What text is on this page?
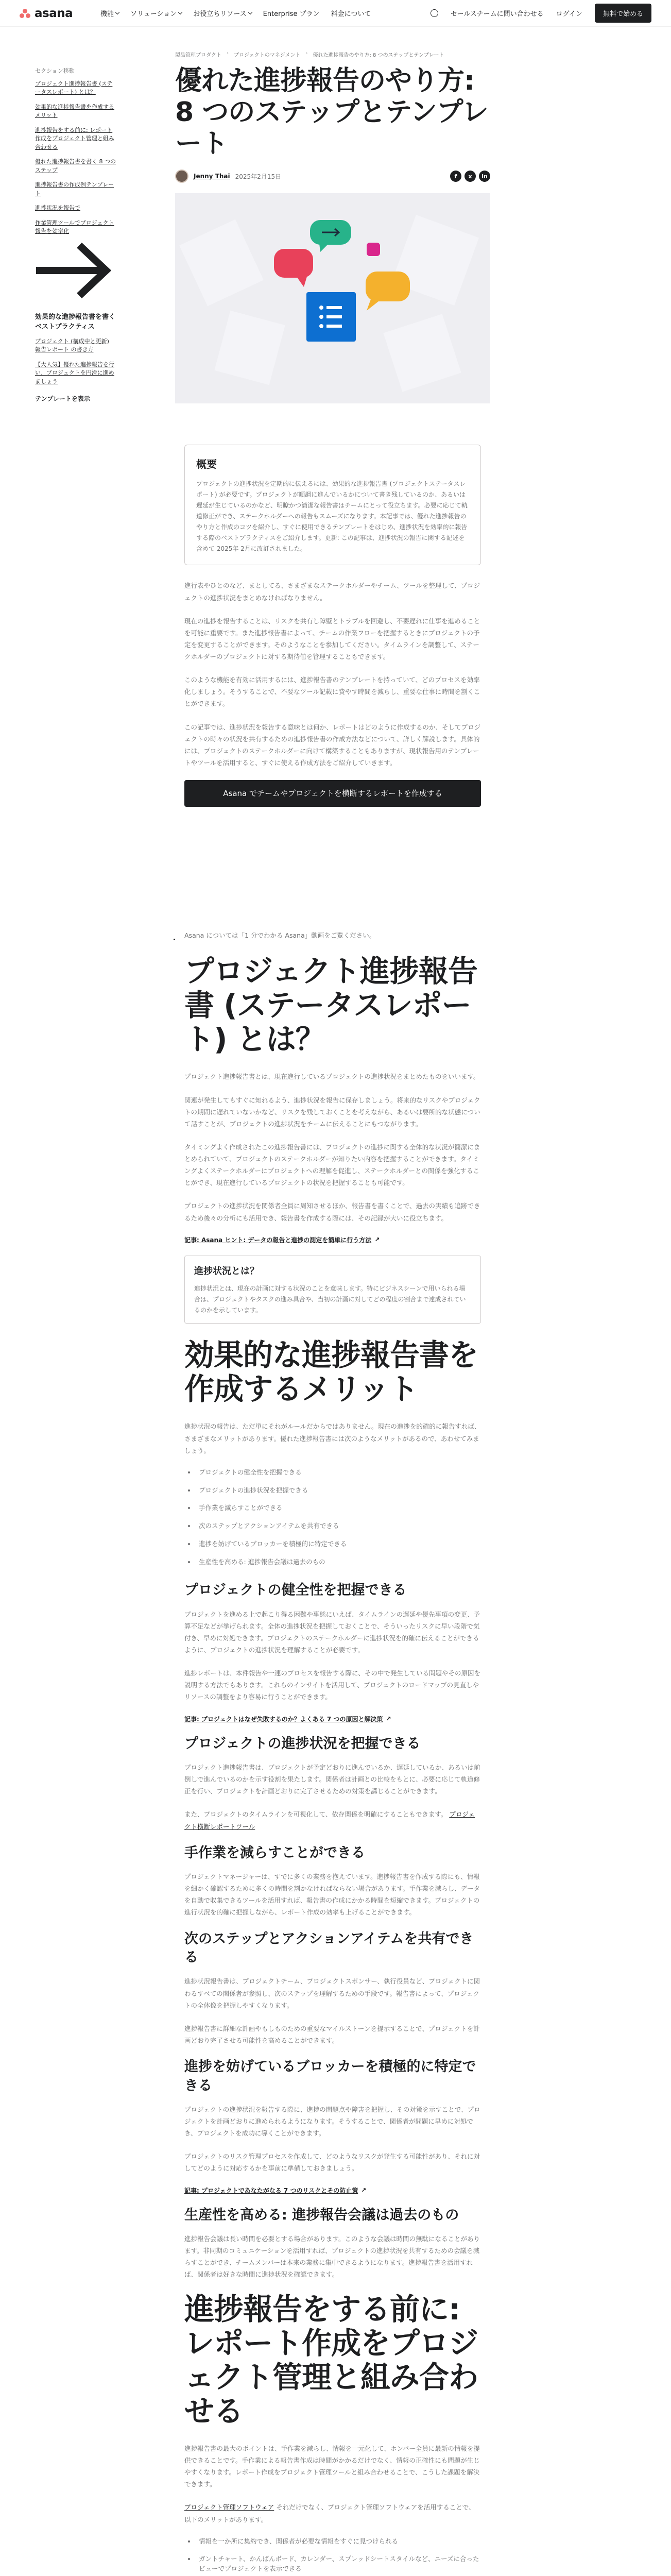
asana	機能 ソリューション お役立ちリソース Enterprise プラン 料金について	セールスチームに問い合わせる ログイン	無料で始める
セクション移動
プロジェクト進捗報告書 (ステータスレポート) とは？
効果的な進捗報告書を作成するメリット
進捗報告をする前に: レポート作成をプロジェクト管理と組み合わせる
優れた進捗報告書を書く 8 つのステップ
進捗報告書の作成例テンプレート
進捗状況を報告で
作業管理ツールでプロジェクト報告を効率化
効果的な進捗報告書を書くベストプラクティス
プロジェクト (構成中と更新) 報告レポート の書き方
【大人気】優れた進捗報告を行い、プロジェクトを円滑に進めましょう
テンプレートを表示
製品管理プロダクト › プロジェクトのマネジメント › 優れた進捗報告のやり方: 8 つのステップとテンプレート
優れた進捗報告のやり方: 8 つのステップとテンプレート
Jenny Thai 2025年2月15日	f	x	in
概要

プロジェクトの進捗状況を定期的に伝えるには、効果的な進捗報告書 (プロジェクトステータスレポート) が必要です。プロジェクトが順調に進んでいるかについて書き残しているのか、あるいは遅延が生じているのかなど、明瞭かつ簡潔な報告書はチームにとって役立ちます。必要に応じて軌道修正ができ、ステークホルダーへの報告もスムーズになります。本記事では、優れた進捗報告のやり方と作成のコツを紹介し、すぐに使用できるテンプレートをはじめ、進捗状況を効率的に報告する際のベストプラクティスをご紹介します。更新: この記事は、進捗状況の報告に関する記述を含めて 2025年 2月に改訂されました。

進行表やひとのなど、まとしてる、さまざまなステークホルダーやチーム、ツールを整理して、プロジェクトの進捗状況をまとめなければなりません。

現在の進捗を報告することは、リスクを共有し障壁とトラブルを回避し、不要遅れに仕事を進めることを可能に重要です。また進捗報告書によって、チームの作業フローを把握するときにプロジェクトの予定を変更することができます。そのようなことを参加してください。タイムラインを調整して、ステークホルダーのプロジェクトに対する期待値を管理することもできます。

このような機能を有効に活用するには、進捗報告書のテンプレートを持っていて、どのプロセスを効率化しましょう。そうすることで、不要なツール記載に費やす時間を減らし、重要な仕事に時間を割くことができます。

この記事では、進捗状況を報告する意味とは何か、レポートはどのように作成するのか、そしてプロジェクトの時々の状況を共有するための進捗報告書の作成方法などについて、詳しく解説します。具体的には、プロジェクトのステークホルダーに向けて構築することもありますが、現状報告用のテンプレートやツールを活用すると、すぐに使える作成方法をご紹介していきます。

Asana でチームやプロジェクトを横断するレポートを作成する

Asana については「1 分でわかる Asana」動画をご覧ください。

プロジェクト進捗報告書 (ステータスレポート) とは？

プロジェクト進捗報告書とは、現在進行しているプロジェクトの進捗状況をまとめたものをいいます。

関連が発生してもすぐに知れるよう、進捗状況を報告に保存しましょう。将来的なリスクやプロジェクトの期間に遅れていないかなど、リスクを残しておくことを考えながら、あるいは要所的な状態について話すことが、プロジェクトの進捗状況をチームに伝えることにもつながります。

タイミングよく作成されたこの進捗報告書には、プロジェクトの進捗に関する全体的な状況が簡潔にまとめられていて、プロジェクトのステークホルダーが知りたい内容を把握することができます。タイミングよくステークホルダーにプロジェクトへの理解を促進し、ステークホルダーとの関係を強化することができ、現在進行しているプロジェクトの状況を把握することも可能です。

プロジェクトの進捗状況を関係者全員に周知させるほか、報告書を書くことで、過去の実績も追跡できるため後々の分析にも活用でき、報告書を作成する際には、その記録が大いに役立ちます。

記事: Asana ヒント: データの報告と進捗の測定を簡単に行う方法 ↗
進捗状況とは？

進捗状況とは、現在の計画に対する状況のことを意味します。特にビジネスシーンで用いられる場合は、プロジェクトやタスクの進み具合や、当初の計画に対してどの程度の割合まで達成されているのかを示しています。

効果的な進捗報告書を作成するメリット

進捗状況の報告は、ただ単にそれがルールだからではありません。現在の進捗を的確的に報告すれば、さまざまなメリットがあります。優れた進捗報告書には次のようなメリットがあるので、あわせてみましょう。

• プロジェクトの健全性を把握できる
• プロジェクトの進捗状況を把握できる
• 手作業を減らすことができる
• 次のステップとアクションアイテムを共有できる
• 進捗を妨げているブロッカーを積極的に特定できる
• 生産性を高める: 進捗報告会議は過去のもの
プロジェクトの健全性を把握できる

プロジェクトを進める上で起こり得る困難や事態にいえば、タイムラインの遅延や優先事項の変更、予算不足などが挙げられます。全体の進捗状況を把握しておくことで、そういったリスクに早い段階で気付き、早めに対処できます。プロジェクトのステークホルダーに進捗状況を的確に伝えることができるように、プロジェクトの進捗状況を理解することが必要です。

進捗レポートは、本件報告や一連のプロセスを報告する際に、その中で発生している問題やその原因を説明する方法でもあります。これらのインサイトを活用して、プロジェクトのロードマップの見直しやリソースの調整をより容易に行うことができます。

記事: プロジェクトはなぜ失敗するのか？よくある 7 つの原因と解決策 ↗
プロジェクトの進捗状況を把握できる

プロジェクト進捗報告書は、プロジェクトが予定どおりに進んでいるか、遅延しているか、あるいは前倒しで進んでいるのかを示す役割を果たします。関係者は計画との比較をもとに、必要に応じて軌道修正を行い、プロジェクトを計画どおりに完了させるための対策を講じることができます。

また、プロジェクトのタイムラインを可視化して、依存関係を明確にすることもできます。 プロジェクト横断レポートツール

手作業を減らすことができる

プロジェクトマネージャーは、すでに多くの業務を抱えています。進捗報告書を作成する際にも、情報を細かく確認するために多くの時間を割かなければならない場合があります。手作業を減らし、データを自動で収集できるツールを活用すれば、報告書の作成にかかる時間を短縮できます。プロジェクトの進行状況を的確に把握しながら、レポート作成の効率も上げることができます。

次のステップとアクションアイテムを共有できる

進捗状況報告書は、プロジェクトチーム、プロジェクトスポンサー、執行役員など、プロジェクトに関わるすべての関係者が参照し、次のステップを理解するための手段です。報告書によって、プロジェクトの全体像を把握しやすくなります。

進捗報告書に詳細な計画やもしものための重要なマイルストーンを提示することで、プロジェクトを計画どおり完了させる可能性を高めることができます。

進捗を妨げているブロッカーを積極的に特定できる

プロジェクトの進捗状況を報告する際に、進捗の問題点や障害を把握し、その対策を示すことで、プロジェクトを計画どおりに進められるようになります。そうすることで、関係者が問題に早めに対処でき、プロジェクトを成功に導くことができます。

プロジェクトのリスク管理プロセスを作成して、どのようなリスクが発生する可能性があり、それに対してどのように対応するかを事前に準備しておきましょう。

記事: プロジェクトであなたがなる 7 つのリスクとその防止策 ↗
生産性を高める: 進捗報告会議は過去のもの

進捗報告会議は長い時間を必要とする場合があります。このような会議は時間の無駄になることがあります。非同期のコミュニケーションを活用すれば、プロジェクトの進捗状況を共有するための会議を減らすことができ、チームメンバーは本来の業務に集中できるようになります。進捗報告書を活用すれば、関係者は好きな時間に進捗状況を確認できます。

進捗報告をする前に: レポート作成をプロジェクト管理と組み合わせる

進捗報告書の最大のポイントは、手作業を減らし、情報を一元化して、ホンバー全員に最新の情報を提供できることです。手作業による報告書作成は時間がかかるだけでなく、情報の正確性にも問題が生じやすくなります。レポート作成をプロジェクト管理ツールと組み合わせることで、こうした課題を解決できます。

プロジェクト管理ソフトウェア それだけでなく、プロジェクト管理ソフトウェアを活用することで、以下のメリットがあります。

• 情報を一か所に集約でき、関係者が必要な情報をすぐに見つけられる
• ガントチャート、かんばんボード、カレンダー、スプレッドシートスタイルなど、ニーズに合ったビューでプロジェクトを表示できる
